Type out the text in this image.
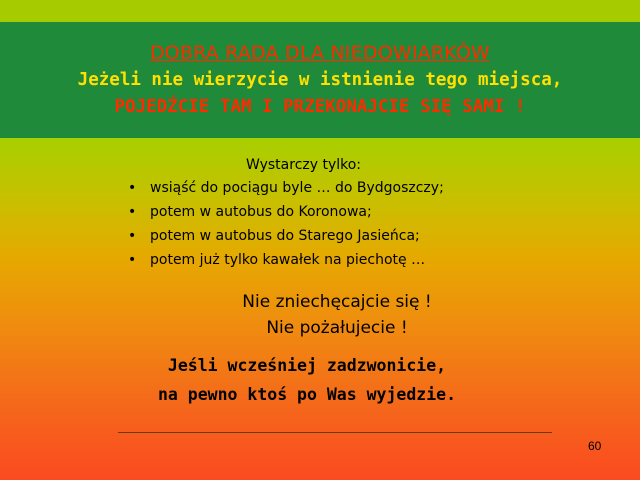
DOBRA RADA DLA NIEDOWIARKÓW

Jeżeli nie wierzycie w istnienie tego miejsca,

POJEDŹCIE TAM I PRZEKONAJCIE SIĘ SAMI !

Wystarczy tylko:

• wsiąść do pociągu byle … do Bydgoszczy;
• potem w autobus do Koronowa;
• potem w autobus do Starego Jasieńca;
• potem już tylko kawałek na piechotę …

Nie zniechęcajcie się !

Nie pożałujecie !

Jeśli wcześniej zadzwonicie,

na pewno ktoś po Was wyjedzie.

60
